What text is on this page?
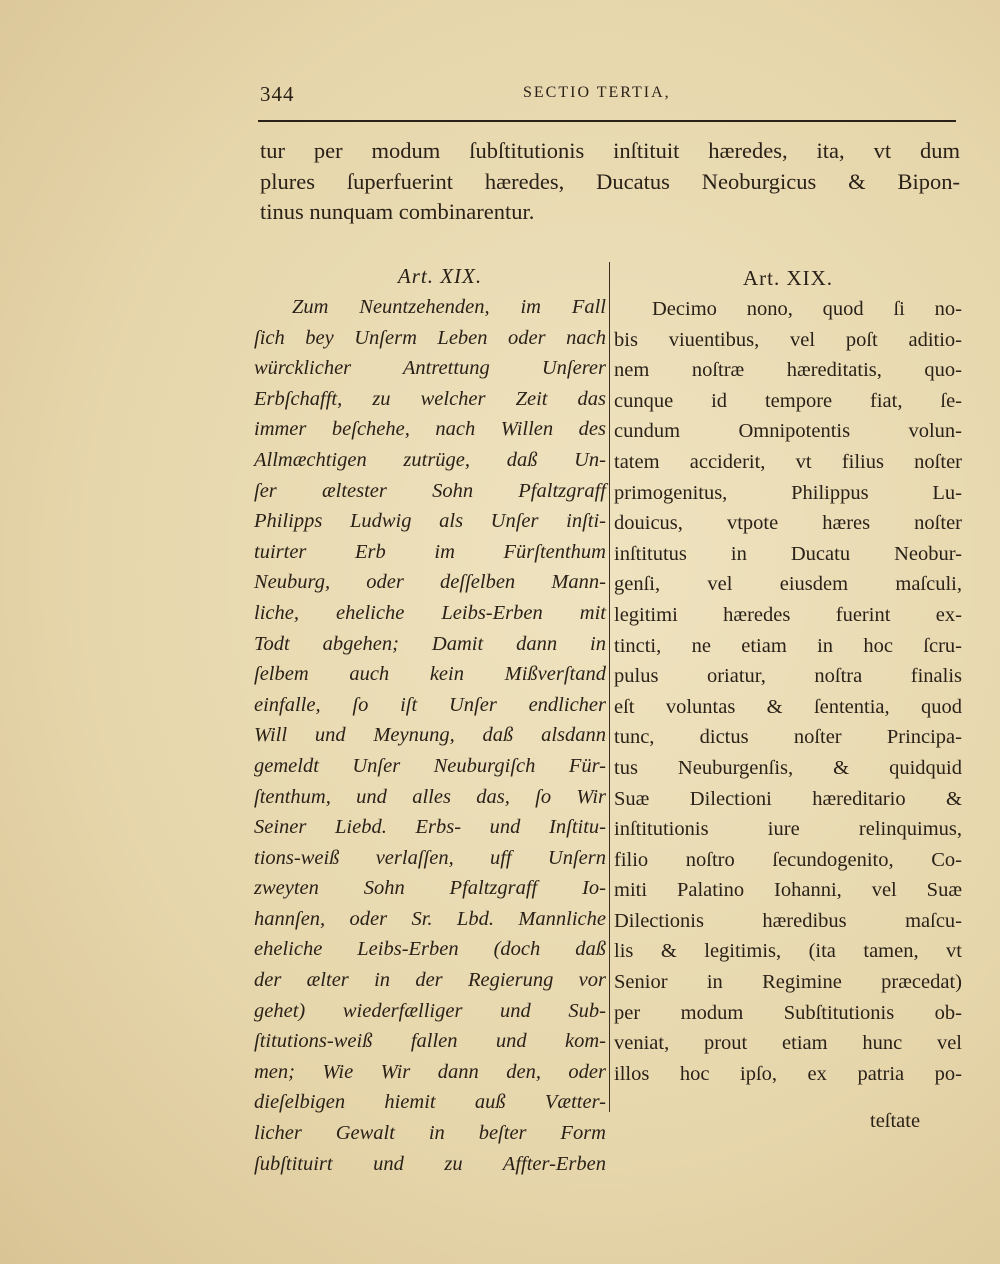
344	SECTIO TERTIA,
tur per modum ſubſtitutionis inſtituit hæredes, ita, vt dum
plures ſuperfuerint hæredes, Ducatus Neoburgicus & Bipon-
tinus nunquam combinarentur.
Art. XIX.
Zum Neuntzehenden, im Fall
ſich bey Unſerm Leben oder nach
würcklicher Antrettung Unſerer
Erbſchafft, zu welcher Zeit das
immer beſchehe, nach Willen des
Allmæchtigen zutrüge, daß Un-
ſer æltester Sohn Pfaltzgraff
Philipps Ludwig als Unſer inſti-
tuirter Erb im Fürſtenthum
Neuburg, oder deſſelben Mann-
liche, eheliche Leibs-Erben mit
Todt abgehen; Damit dann in
ſelbem auch kein Mißverſtand
einfalle, ſo iſt Unſer endlicher
Will und Meynung, daß alsdann
gemeldt Unſer Neuburgiſch Für-
ſtenthum, und alles das, ſo Wir
Seiner Liebd. Erbs- und Inſtitu-
tions-weiß verlaſſen, uff Unſern
zweyten Sohn Pfaltzgraff Io-
hannſen, oder Sr. Lbd. Mannliche
eheliche Leibs-Erben (doch daß
der ælter in der Regierung vor
gehet) wiederfælliger und Sub-
ſtitutions-weiß fallen und kom-
men; Wie Wir dann den, oder
dieſelbigen hiemit auß Vætter-
licher Gewalt in beſter Form
ſubſtituirt und zu Affter-Erben
Art. XIX.
Decimo nono, quod ſi no-
bis viuentibus, vel poſt aditio-
nem noſtræ hæreditatis, quo-
cunque id tempore fiat, ſe-
cundum Omnipotentis volun-
tatem acciderit, vt filius noſter
primogenitus, Philippus Lu-
douicus, vtpote hæres noſter
inſtitutus in Ducatu Neobur-
genſi, vel eiusdem maſculi,
legitimi hæredes fuerint ex-
tincti, ne etiam in hoc ſcru-
pulus oriatur, noſtra finalis
eſt voluntas & ſententia, quod
tunc, dictus noſter Principa-
tus Neuburgenſis, & quidquid
Suæ Dilectioni hæreditario &
inſtitutionis iure relinquimus,
filio noſtro ſecundogenito, Co-
miti Palatino Iohanni, vel Suæ
Dilectionis hæredibus maſcu-
lis & legitimis, (ita tamen, vt
Senior in Regimine præcedat)
per modum Subſtitutionis ob-
veniat, prout etiam hunc vel
illos hoc ipſo, ex patria po-
teſtate
